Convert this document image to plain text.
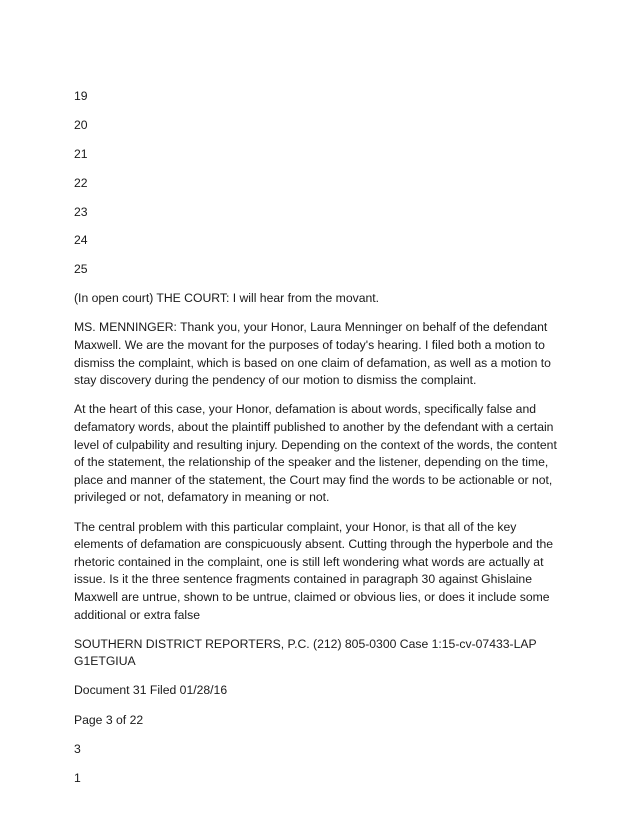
19

20

21

22

23

24

25

(In open court) THE COURT: I will hear from the movant.

MS. MENNINGER: Thank you, your Honor, Laura Menninger on behalf of the defendant Maxwell. We are the movant for the purposes of today's hearing. I filed both a motion to dismiss the complaint, which is based on one claim of defamation, as well as a motion to stay discovery during the pendency of our motion to dismiss the complaint.

At the heart of this case, your Honor, defamation is about words, specifically false and defamatory words, about the plaintiff published to another by the defendant with a certain level of culpability and resulting injury. Depending on the context of the words, the content of the statement, the relationship of the speaker and the listener, depending on the time, place and manner of the statement, the Court may find the words to be actionable or not, privileged or not, defamatory in meaning or not.

The central problem with this particular complaint, your Honor, is that all of the key elements of defamation are conspicuously absent. Cutting through the hyperbole and the rhetoric contained in the complaint, one is still left wondering what words are actually at issue. Is it the three sentence fragments contained in paragraph 30 against Ghislaine Maxwell are untrue, shown to be untrue, claimed or obvious lies, or does it include some additional or extra false

SOUTHERN DISTRICT REPORTERS, P.C. (212) 805-0300 Case 1:15-cv-07433-LAP G1ETGIUA

Document 31 Filed 01/28/16

Page 3 of 22

3

1
